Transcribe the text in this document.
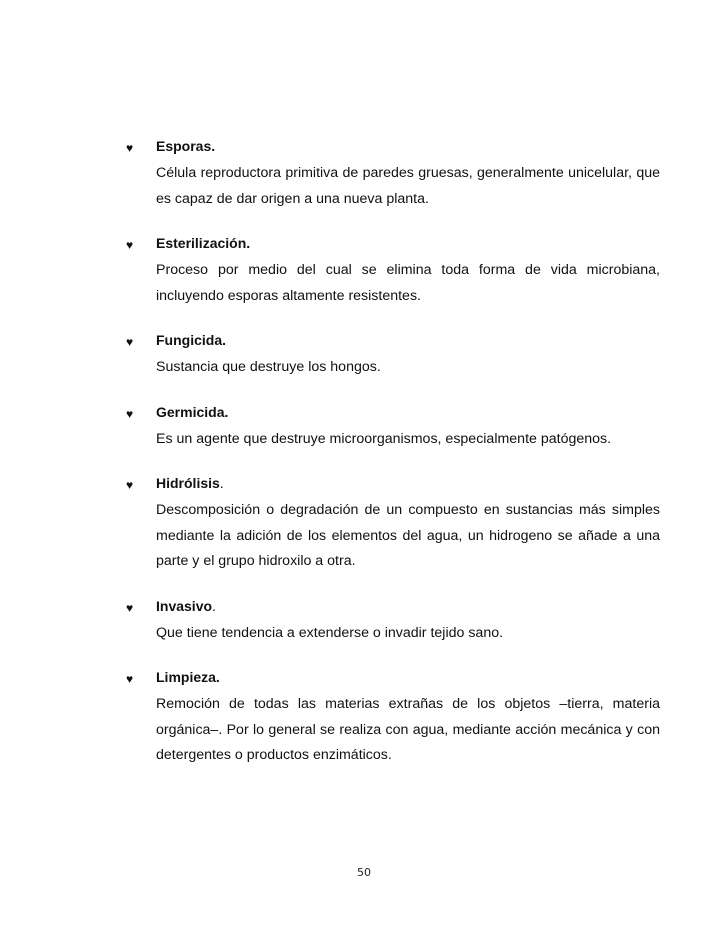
♥ Esporas.
Célula reproductora primitiva de paredes gruesas, generalmente unicelular, que es capaz de dar origen a una nueva planta.
♥ Esterilización.
Proceso por medio del cual se elimina toda forma de vida microbiana, incluyendo esporas altamente resistentes.
♥ Fungicida.
Sustancia que destruye los hongos.
♥ Germicida.
Es un agente que destruye microorganismos, especialmente patógenos.
♥ Hidrólisis.
Descomposición o degradación de un compuesto en sustancias más simples mediante la adición de los elementos del agua, un hidrogeno se añade a una parte y el grupo hidroxilo a otra.
♥ Invasivo.
Que tiene tendencia a extenderse o invadir tejido sano.
♥ Limpieza.
Remoción de todas las materias extrañas de los objetos –tierra, materia orgánica–. Por lo general se realiza con agua, mediante acción mecánica y con detergentes o productos enzimáticos.
50
